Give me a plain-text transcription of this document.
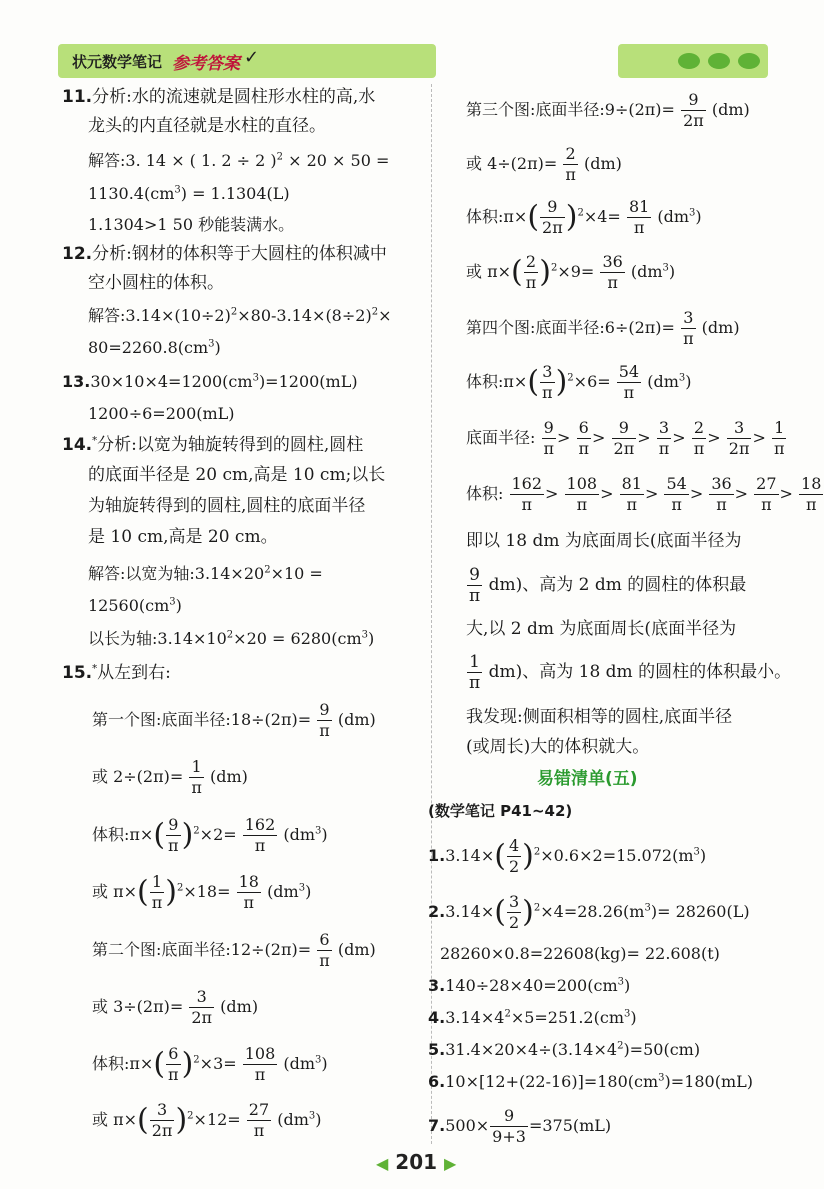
状元数学笔记 参考答案 ✓
11.分析:水的流速就是圆柱形水柱的高,水
龙头的内直径就是水柱的直径。
解答:3. 14 × ( 1. 2 ÷ 2 )$^2$ × 20 × 50 =
$1130.4(cm^3) = 1.1304(L)$
1.1304>1 50 秒能装满水。
12.分析:钢材的体积等于大圆柱的体积减中
空小圆柱的体积。
解答$:3.14\times(10\div 2)^2\times 80-3.14\times(8\div 2)^2\times$
$80=2260.8(cm^3)$
$13.30\times 10\times 4=1200(cm^3)=1200(mL)$
1200÷6=200(mL)
14.*分析:以宽为轴旋转得到的圆柱,圆柱
的底面半径是 20 cm,高是 10 cm;以长
为轴旋转得到的圆柱,圆柱的底面半径
是 10 cm,高是 20 cm。
解答:以宽为轴$:3.14\times 20^2\times 10$ =
$12560(cm^3)$
以长为轴$:3.14\times 10^2\times 20 = 6280(cm^3)$
15.*从左到右:
第一个图:底面半径:18÷(2π)= $\frac{9}{\pi} (dm)$
或 $2\div(2\pi)= \frac{1}{\pi} (dm)$
体积:π×( $\frac{9}{\pi} )^2\times 2= \frac{162}{\pi} (dm^3)$
或 $\pi\times( \frac{1}{\pi} )^2\times 18= \frac{18}{\pi} (dm^3)$
第二个图:底面半径:12÷(2π)= $\frac{6}{\pi} (dm)$
或 $3\div(2\pi)= \frac{3}{2\pi} (dm)$
体积:π×( $\frac{6}{\pi} )^2\times 3= \frac{108}{\pi} (dm^3)$
或 $\pi\times( \frac{3}{2\pi} )^2\times 12= \frac{27}{\pi} (dm^3)$
第三个图:底面半径:9÷(2π)= $\frac{9}{2\pi} (dm)$
或 $4\div(2\pi)= \frac{2}{\pi} (dm)$
体积:π×( $\frac{9}{2\pi} )^2\times 4= \frac{81}{\pi} (dm^3)$
或 $\pi\times( \frac{2}{\pi} )^2\times 9= \frac{36}{\pi} (dm^3)$
第四个图:底面半径:6÷(2π)= $\frac{3}{\pi} (dm)$
体积:π×( $\frac{3}{\pi} )^2\times 6= \frac{54}{\pi} (dm^3)$
底面半径: $\frac{9}{\pi} > \frac{6}{\pi} > \frac{9}{2\pi} > \frac{3}{\pi} > \frac{2}{\pi} > \frac{3}{2\pi} > \frac{1}{\pi}$
体积: $\frac{162}{\pi} > \frac{108}{\pi} > \frac{81}{\pi} > \frac{54}{\pi} > \frac{36}{\pi} > \frac{27}{\pi} > \frac{18}{\pi}$
即以 18 dm 为底面周长(底面半径为
$\frac{9}{\pi} dm$)、高为 2 dm 的圆柱的体积最
大,以 2 dm 为底面周长(底面半径为
$\frac{1}{\pi} dm$)、高为 18 dm 的圆柱的体积最小。
我发现:侧面积相等的圆柱,底面半径
(或周长)大的体积就大。
易错清单(五)
(数学笔记 P41~42)
$1.3.14\times( \frac{4}{2} )^2\times 0.6\times 2=15.072(m^3)$
$2.3.14\times( \frac{3}{2} )^2\times 4=28.26(m^3)= 28260(L)$
28260×0.8=22608(kg)= 22.608(t)
$3.140\div 28\times 40=200(cm^3)$
$4.3.14\times 4^2\times 5=251.2(cm^3)$
$5.31.4\times 20\times 4\div(3.14\times 4^2)=50(cm)$
$6.10\times[12+(22-16)]=180(cm^3)=180(mL)$
$7.500\times \frac{9}{9+3} =375(mL)$
◀ 201 ▶
